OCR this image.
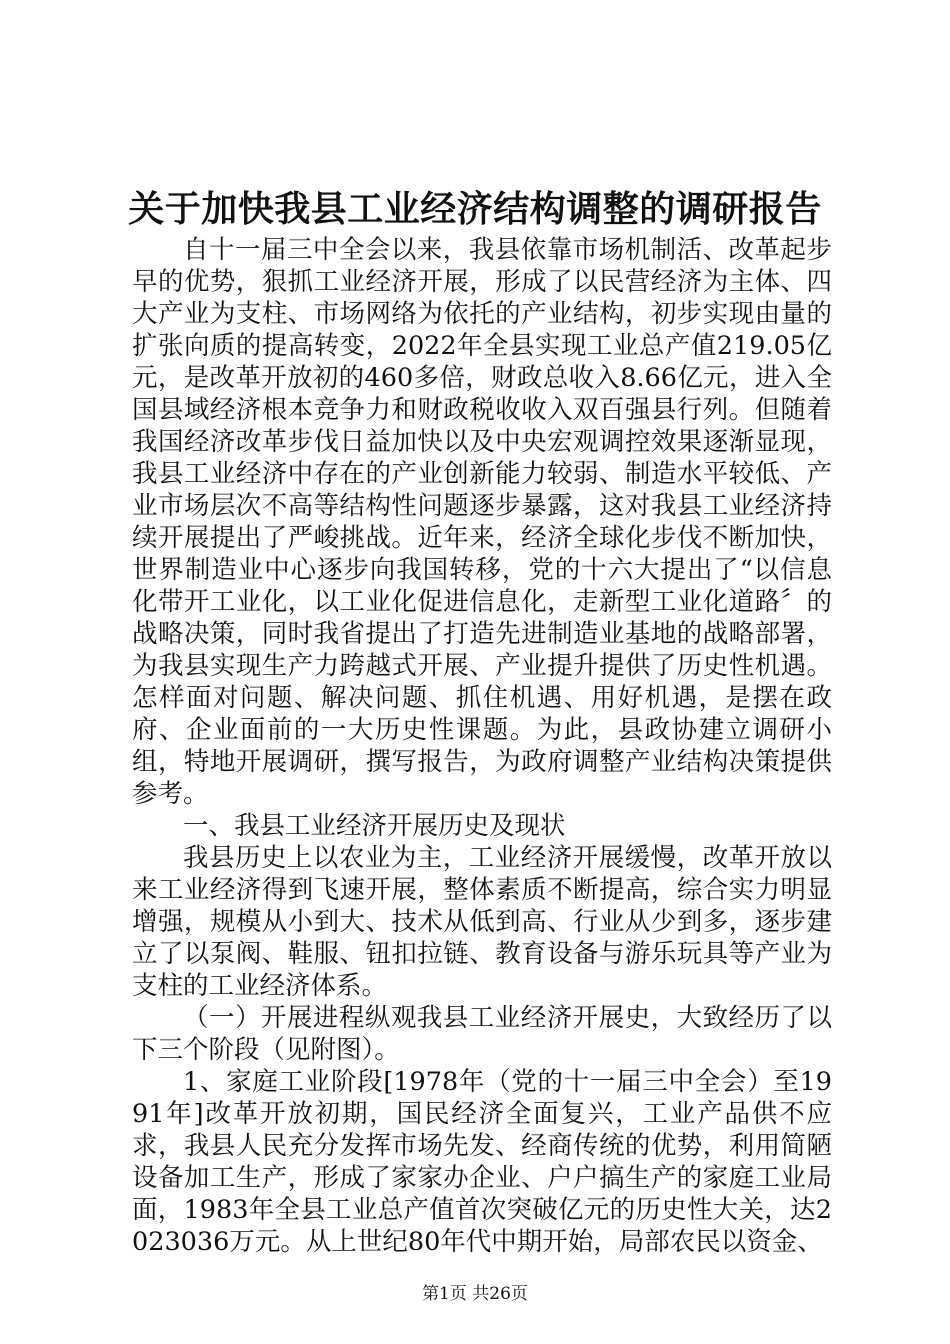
关于加快我县工业经济结构调整的调研报告

自十一届三中全会以来，我县依靠市场机制活、改革起步早的优势，狠抓工业经济开展，形成了以民营经济为主体、四大产业为支柱、市场网络为依托的产业结构，初步实现由量的扩张向质的提高转变，2022年全县实现工业总产值219.05亿元，是改革开放初的460多倍，财政总收入8.66亿元，进入全国县域经济根本竞争力和财政税收收入双百强县行列。但随着我国经济改革步伐日益加快以及中央宏观调控效果逐渐显现，我县工业经济中存在的产业创新能力较弱、制造水平较低、产业市场层次不高等结构性问题逐步暴露，这对我县工业经济持续开展提出了严峻挑战。近年来，经济全球化步伐不断加快，世界制造业中心逐步向我国转移，党的十六大提出了“以信息化带开工业化，以工业化促进信息化，走新型工业化道路〞的战略决策，同时我省提出了打造先进制造业基地的战略部署，为我县实现生产力跨越式开展、产业提升提供了历史性机遇。怎样面对问题、解决问题、抓住机遇、用好机遇，是摆在政府、企业面前的一大历史性课题。为此，县政协建立调研小组，特地开展调研，撰写报告，为政府调整产业结构决策提供参考。

一、我县工业经济开展历史及现状

我县历史上以农业为主，工业经济开展缓慢，改革开放以来工业经济得到飞速开展，整体素质不断提高，综合实力明显增强，规模从小到大、技术从低到高、行业从少到多，逐步建立了以泵阀、鞋服、钮扣拉链、教育设备与游乐玩具等产业为支柱的工业经济体系。

（一）开展进程纵观我县工业经济开展史，大致经历了以下三个阶段（见附图）。

1、家庭工业阶段[1978年（党的十一届三中全会）至1991年]改革开放初期，国民经济全面复兴，工业产品供不应求，我县人民充分发挥市场先发、经商传统的优势，利用简陋设备加工生产，形成了家家办企业、户户搞生产的家庭工业局面，1983年全县工业总产值首次突破亿元的历史性大关，达2023036万元。从上世纪80年代中期开始，局部农民以资金、

第1页 共26页
